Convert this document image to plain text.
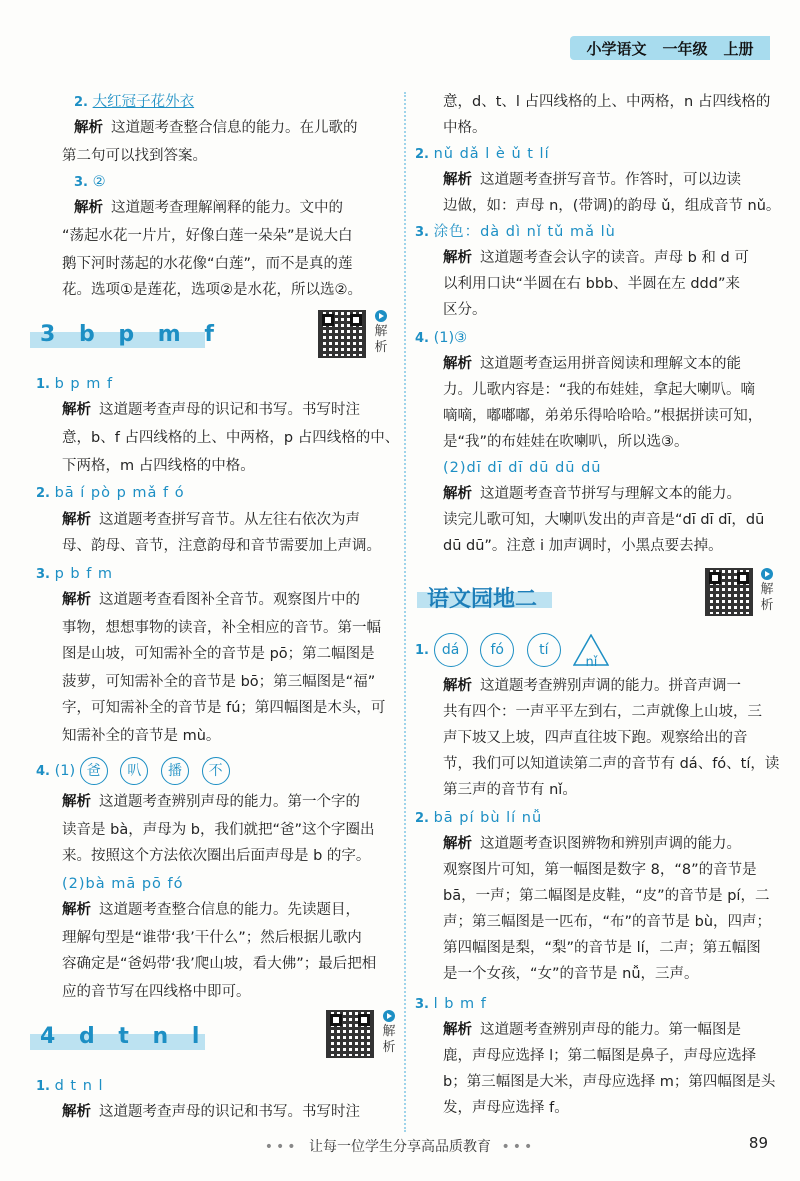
小学语文 一年级 上册
2. 大红冠子花外衣
解析 这道题考查整合信息的能力。在儿歌的
第二句可以找到答案。
3. ②
解析 这道题考查理解阐释的能力。文中的
“荡起水花一片片，好像白莲一朵朵”是说大白
鹅下河时荡起的水花像“白莲”，而不是真的莲
花。选项①是莲花，选项②是水花，所以选②。
3 b p m f	解
析
1. b p m f
解析 这道题考查声母的识记和书写。书写时注
意，b、f 占四线格的上、中两格，p 占四线格的中、
下两格，m 占四线格的中格。
2. bā í pò p mǎ f ó
解析 这道题考查拼写音节。从左往右依次为声
母、韵母、音节，注意韵母和音节需要加上声调。
3. p b f m
解析 这道题考查看图补全音节。观察图片中的
事物，想想事物的读音，补全相应的音节。第一幅
图是山坡，可知需补全的音节是 pō；第二幅图是
菠萝，可知需补全的音节是 bō；第三幅图是“福”
字，可知需补全的音节是 fú；第四幅图是木头，可
知需补全的音节是 mù。
4. (1) 爸 叭 播 不
解析 这道题考查辨别声母的能力。第一个字的
读音是 bà，声母为 b，我们就把“爸”这个字圈出
来。按照这个方法依次圈出后面声母是 b 的字。
(2)bà mā pō fó
解析 这道题考查整合信息的能力。先读题目，
理解句型是“谁带‘我’干什么”；然后根据儿歌内
容确定是“爸妈带‘我’爬山坡，看大佛”；最后把相
应的音节写在四线格中即可。
4 d t n l	解
析
1. d t n l
解析 这道题考查声母的识记和书写。书写时注
意，d、t、l 占四线格的上、中两格，n 占四线格的
中格。
2. nǔ dǎ l è ǔ t lí
解析 这道题考查拼写音节。作答时，可以边读
边做，如：声母 n，(带调)的韵母 ǔ，组成音节 nǔ。
3. 涂色：dà dì nǐ tǔ mǎ lù
解析 这道题考查会认字的读音。声母 b 和 d 可
以利用口诀“半圆在右 bbb、半圆在左 ddd”来
区分。
4. (1)③
解析 这道题考查运用拼音阅读和理解文本的能
力。儿歌内容是：“我的布娃娃，拿起大喇叭。嘀
嘀嘀，嘟嘟嘟，弟弟乐得哈哈哈。”根据拼读可知，
是“我”的布娃娃在吹喇叭，所以选③。
(2)dī dī dī dū dū dū
解析 这道题考查音节拼写与理解文本的能力。
读完儿歌可知，大喇叭发出的声音是“dī dī dī，dū
dū dū”。注意 i 加声调时，小黑点要去掉。
语文园地二	解
析
1. dá fó	tí
nǐ
解析 这道题考查辨别声调的能力。拼音声调一
共有四个：一声平平左到右，二声就像上山坡，三
声下坡又上坡，四声直往坡下跑。观察给出的音
节，我们可以知道读第二声的音节有 dá、fó、tí，读
第三声的音节有 nǐ。
2. bā pí bù lí nǚ
解析 这道题考查识图辨物和辨别声调的能力。
观察图片可知，第一幅图是数字 8，“8”的音节是
bā，一声；第二幅图是皮鞋，“皮”的音节是 pí，二
声；第三幅图是一匹布，“布”的音节是 bù，四声；
第四幅图是梨，“梨”的音节是 lí，二声；第五幅图
是一个女孩，“女”的音节是 nǚ，三声。
3. l b m f
解析 这道题考查辨别声母的能力。第一幅图是
鹿，声母应选择 l；第二幅图是鼻子，声母应选择
b；第三幅图是大米，声母应选择 m；第四幅图是头
发，声母应选择 f。
••• 让每一位学生分享高品质教育 •••	89
